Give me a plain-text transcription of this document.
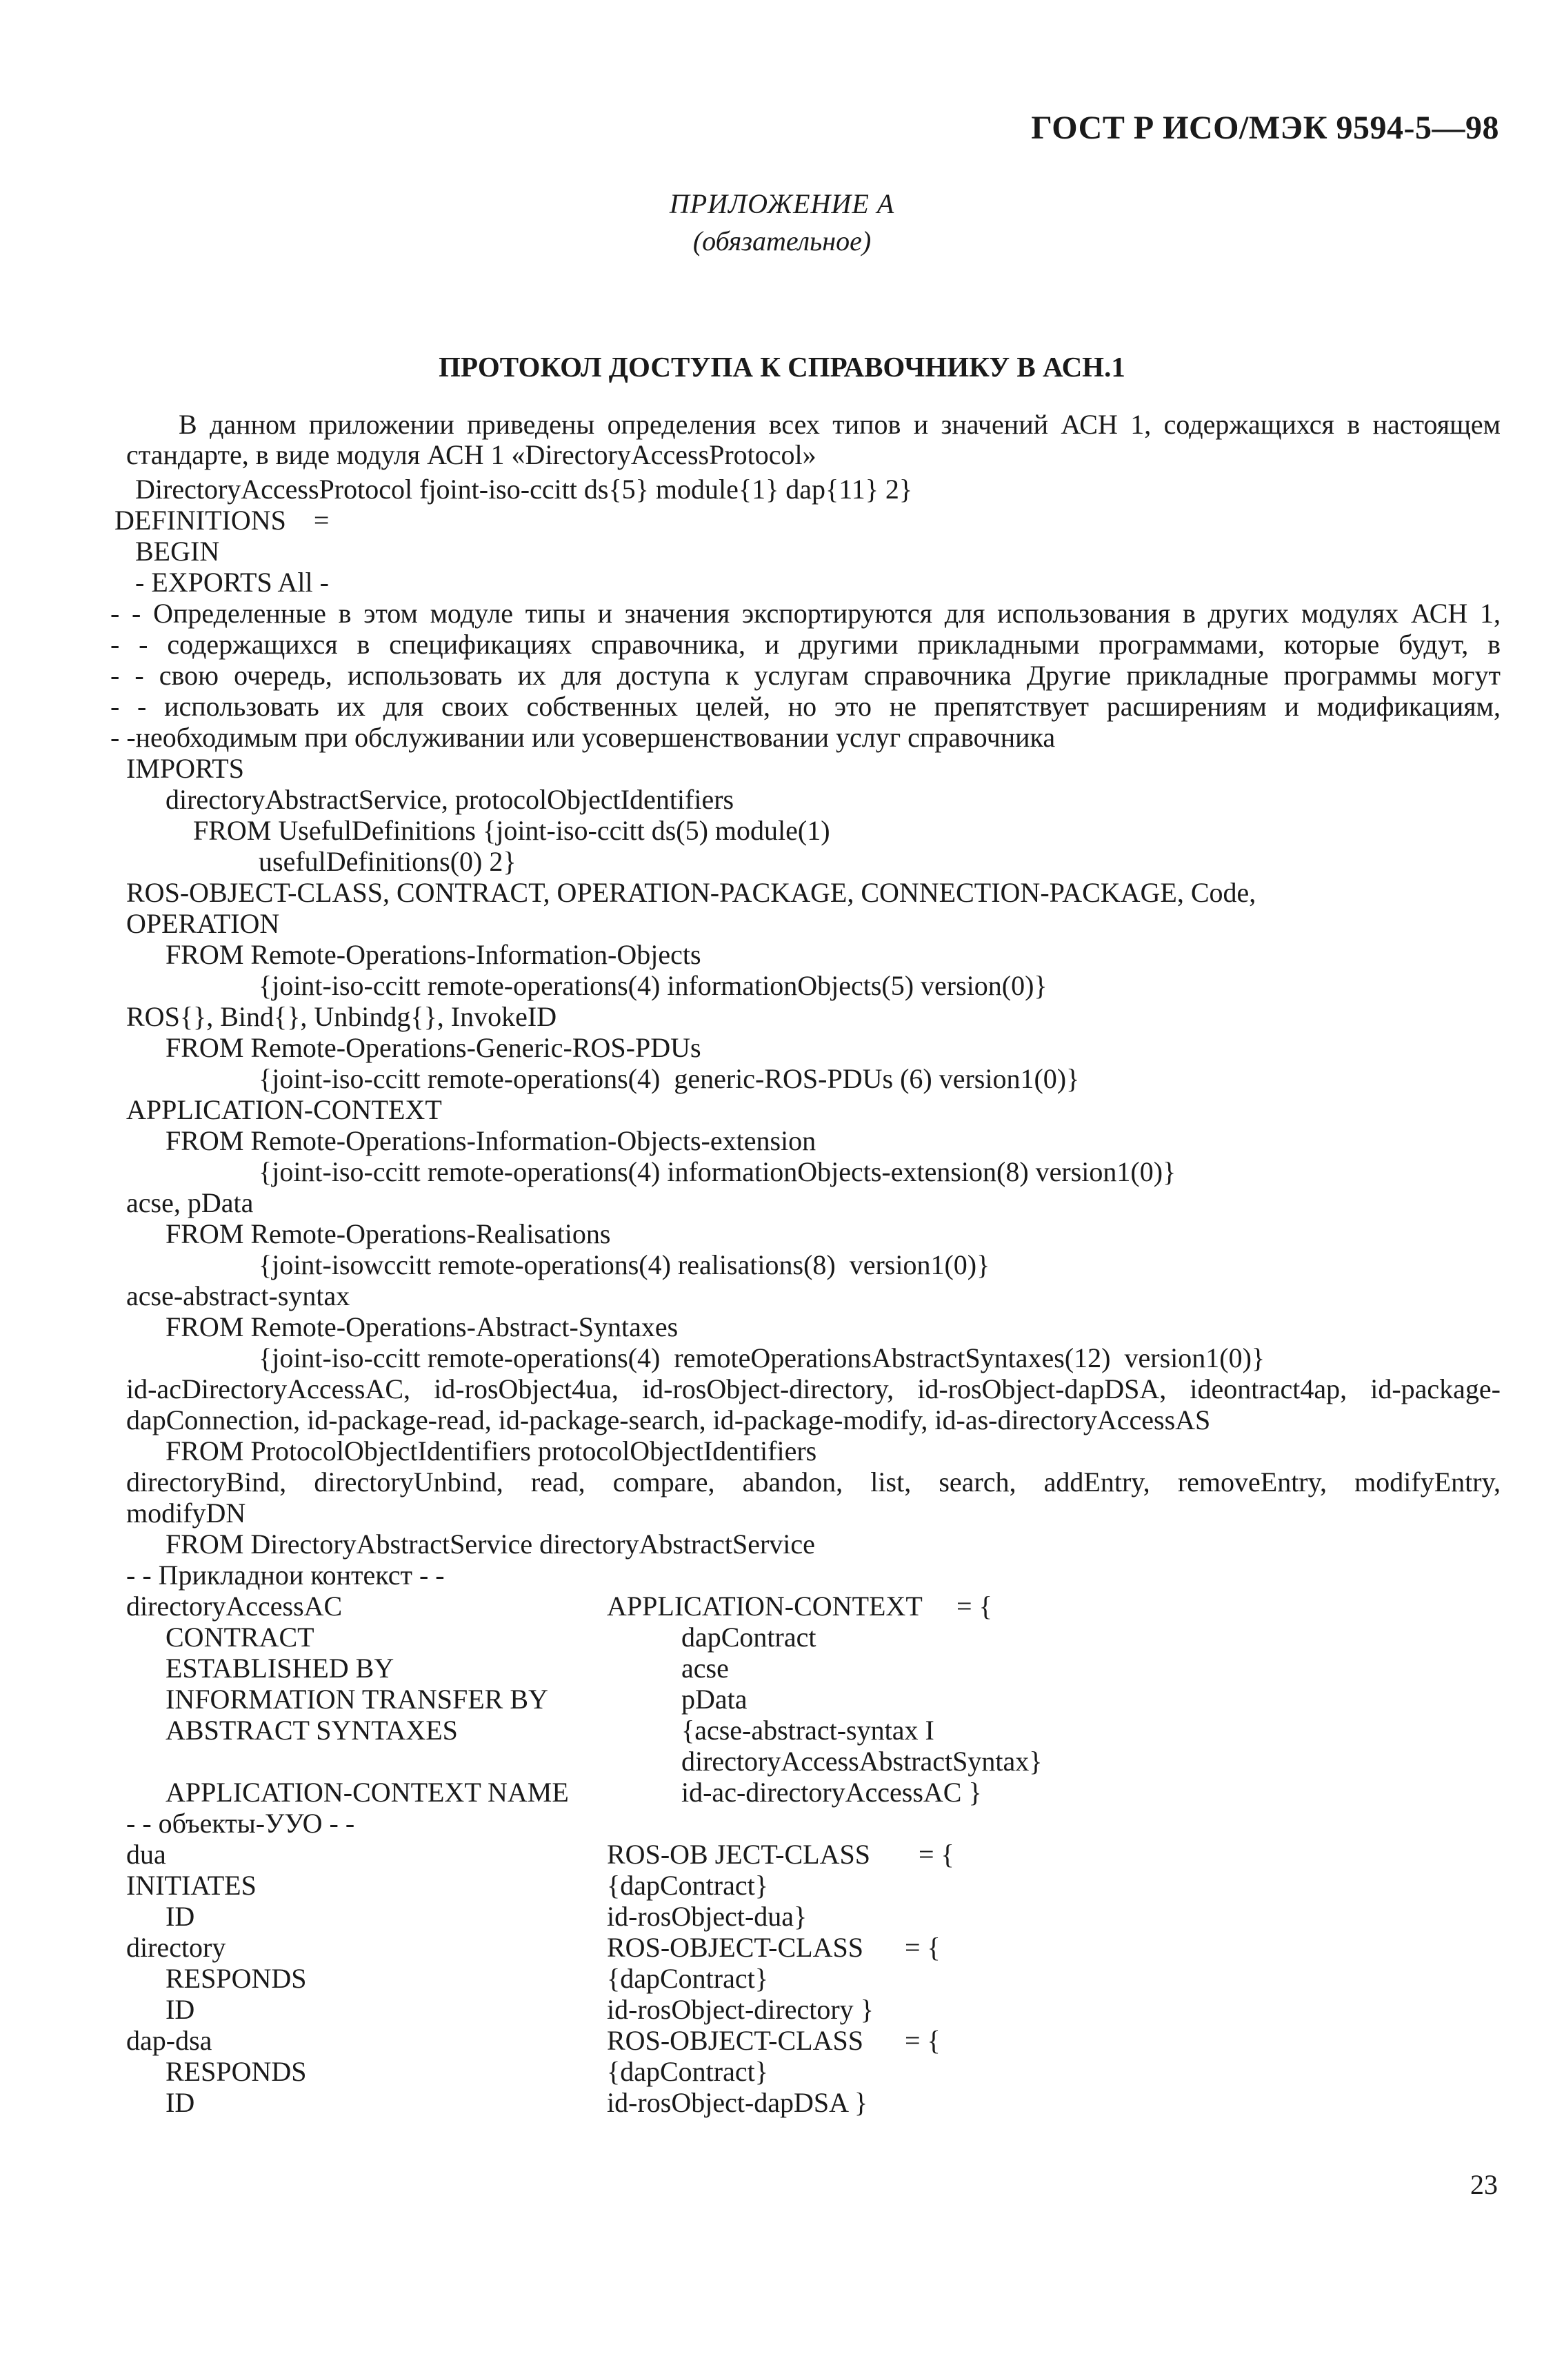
ГОСТ Р ИСО/МЭК 9594-5—98
ПРИЛОЖЕНИЕ А
(обязательное)
ПРОТОКОЛ ДОСТУПА К СПРАВОЧНИКУ В АСН.1

В данном приложении приведены определения всех типов и значений АСН 1, содержащихся в настоящем стандарте, в виде модуля АСН 1 «DirectoryAccessProtocol»

DirectoryAccessProtocol fjoint-iso-ccitt ds{5} module{1} dap{11} 2}
DEFINITIONS    =
BEGIN
- EXPORTS All -
- - Определенные в этом модуле типы и значения экспортируются для использования в других модулях АСН 1,
- - содержащихся в спецификациях справочника, и другими прикладными программами, которые будут, в
- - свою очередь, использовать их для доступа к услугам справочника Другие прикладные программы могут
- - использовать их для своих собственных целей, но это не препятствует расширениям и модификациям,
- -необходимым при обслуживании или усовершенствовании услуг справочника
IMPORTS
directoryAbstractService, protocolObjectIdentifiers
FROM UsefulDefinitions {joint-iso-ccitt ds(5) module(1)
usefulDefinitions(0) 2}
ROS-OBJECT-CLASS, CONTRACT, OPERATION-PACKAGE, CONNECTION-PACKAGE, Code,
OPERATION
FROM Remote-Operations-Information-Objects
{joint-iso-ccitt remote-operations(4) informationObjects(5) version(0)}
ROS{}, Bind{}, Unbindg{}, InvokeID
FROM Remote-Operations-Generic-ROS-PDUs
{joint-iso-ccitt remote-operations(4)  generic-ROS-PDUs (6) version1(0)}
APPLICATION-CONTEXT
FROM Remote-Operations-Information-Objects-extension
{joint-iso-ccitt remote-operations(4) informationObjects-extension(8) version1(0)}
acse, pData
FROM Remote-Operations-Realisations
{joint-isowccitt remote-operations(4) realisations(8)  version1(0)}
acse-abstract-syntax
FROM Remote-Operations-Abstract-Syntaxes
{joint-iso-ccitt remote-operations(4)  remoteOperationsAbstractSyntaxes(12)  version1(0)}
id-acDirectoryAccessAC, id-rosObject4ua, id-rosObject-directory, id-rosObject-dapDSA, ideontract4ap, id-package-
dapConnection, id-package-read, id-package-search, id-package-modify, id-as-directoryAccessAS
FROM ProtocolObjectIdentifiers protocolObjectIdentifiers
directoryBind, directoryUnbind, read, compare, abandon, list, search, addEntry, removeEntry, modifyEntry,
modifyDN
FROM DirectoryAbstractService directoryAbstractService
- - Прикладнои контекст - -
directoryAccessAC	APPLICATION-CONTEXT     = {
CONTRACT	dapContract
ESTABLISHED BY	acse
INFORMATION TRANSFER BY	pData
ABSTRACT SYNTAXES	{acse-abstract-syntax I
directoryAccessAbstractSyntax}
APPLICATION-CONTEXT NAME	id-ac-directoryAccessAC }
- - объекты-УУО - -
dua	ROS-OB JECT-CLASS       = {
INITIATES	{dapContract}
ID	id-rosObject-dua}
directory	ROS-OBJECT-CLASS      = {
RESPONDS	{dapContract}
ID	id-rosObject-directory }
dap-dsa	ROS-OBJECT-CLASS      = {
RESPONDS	{dapContract}
ID	id-rosObject-dapDSA }
23
